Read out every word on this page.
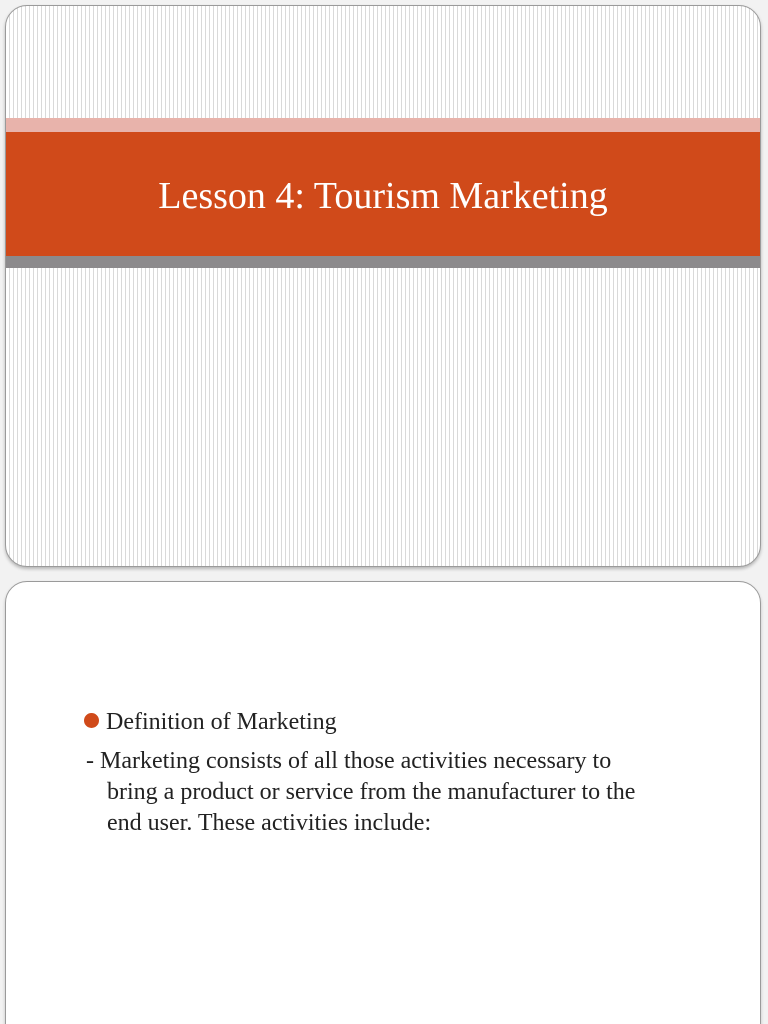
Lesson 4: Tourism Marketing
Definition of Marketing

- Marketing consists of all those activities necessary to
bring a product or service from the manufacturer to the
end user. These activities include:
